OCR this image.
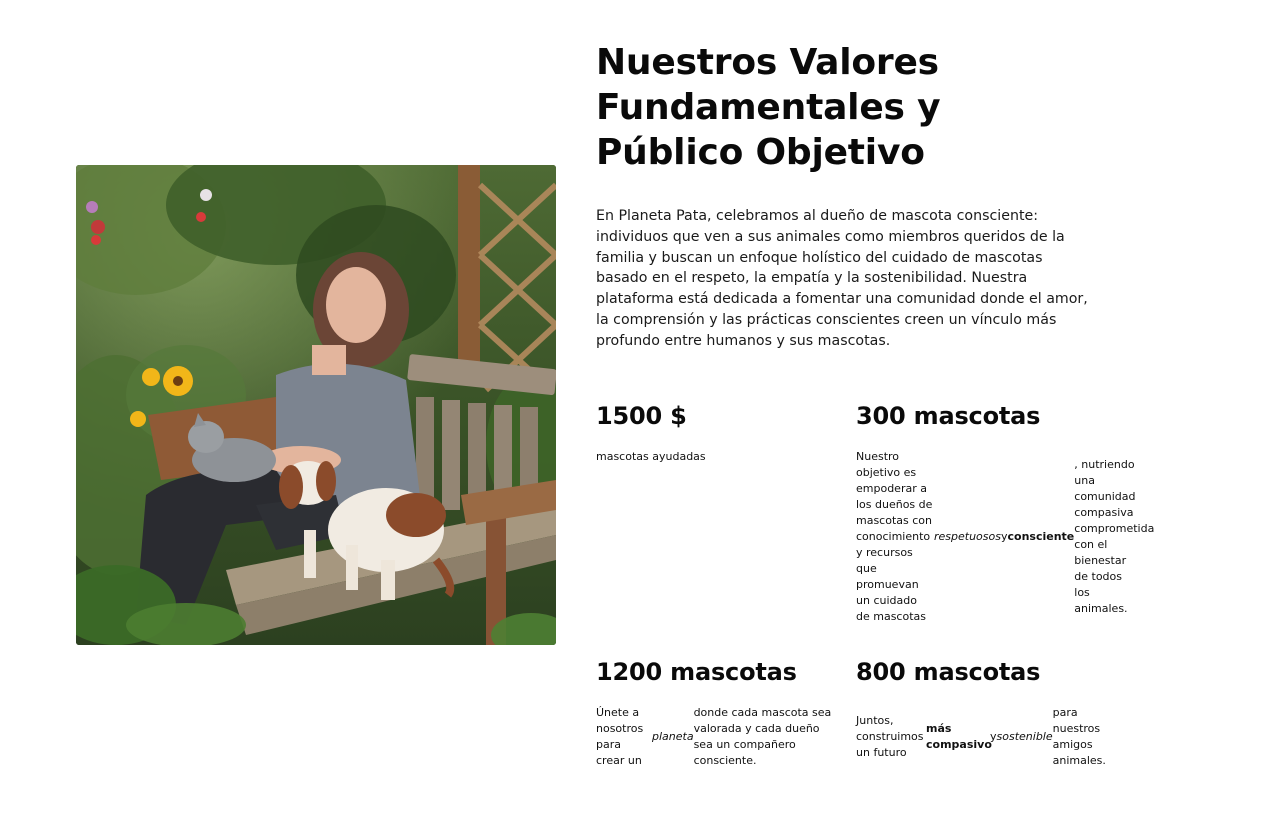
Nuestros Valores
Fundamentales y
Público Objetivo

En Planeta Pata, celebramos al dueño de mascota consciente: individuos que ven a sus animales como miembros queridos de la familia y buscan un enfoque holístico del cuidado de mascotas basado en el respeto, la empatía y la sostenibilidad. Nuestra plataforma está dedicada a fomentar una comunidad donde el amor, la comprensión y las prácticas conscientes creen un vínculo más profundo entre humanos y sus mascotas.

1500 $
mascotas ayudadas
300 mascotas
Nuestro objetivo es empoderar a los dueños de mascotas con conocimiento y recursos que promuevan un cuidado de mascotas
respetuosos y consciente
, nutriendo una comunidad compasiva comprometida con el bienestar de todos los animales.
1200 mascotas
Únete a nosotros para crear un
planeta
donde cada mascota sea valorada y cada dueño sea un compañero consciente.
800 mascotas
Juntos, construimos un futuro
más compasivo
y sostenible
para nuestros amigos animales.
